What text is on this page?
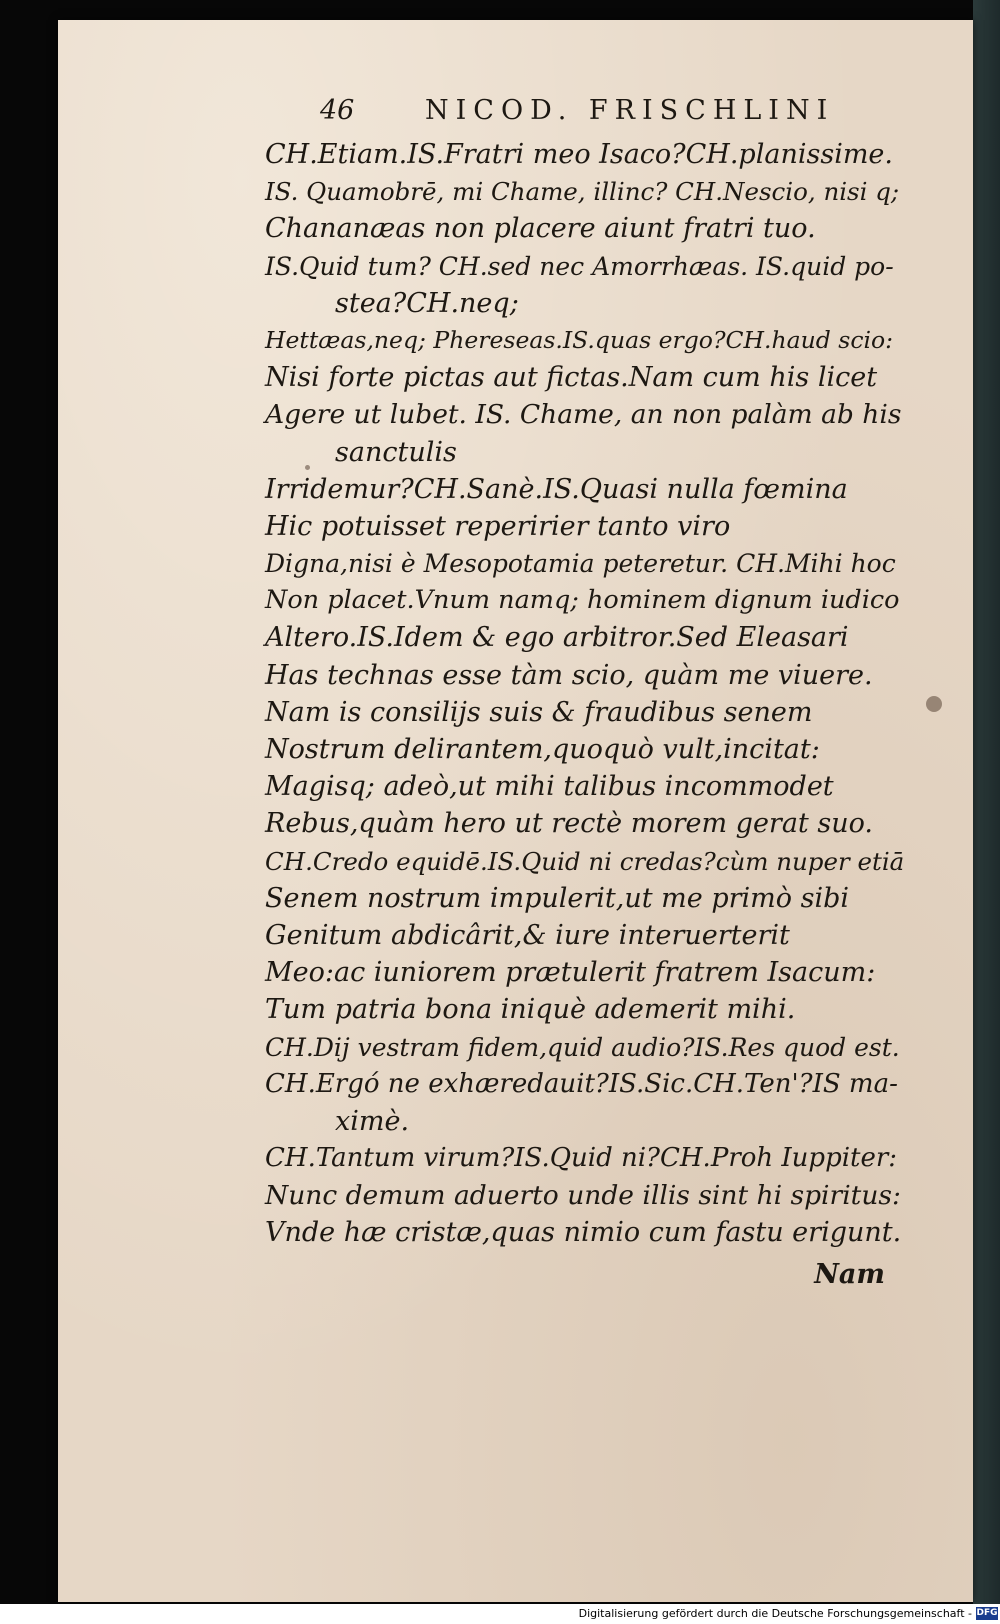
46	NICOD. FRISCHLINI
CH.Etiam.IS.Fratri meo Isaco?CH.planissime.
IS. Quamobrē, mi Chame, illinc? CH.Nescio, nisi q;
Chananæas non placere aiunt fratri tuo.
IS.Quid tum? CH.sed nec Amorrhæas. IS.quid po-
stea?CH.neq;
Hettæas,neq; Phereseas.IS.quas ergo?CH.haud scio:
Nisi forte pictas aut fictas.Nam cum his licet
Agere ut lubet. IS. Chame, an non palàm ab his
sanctulis
Irridemur?CH.Sanè.IS.Quasi nulla fœmina
Hic potuisset reperirier tanto viro
Digna,nisi è Mesopotamia peteretur. CH.Mihi hoc
Non placet.Vnum namq; hominem dignum iudico
Altero.IS.Idem & ego arbitror.Sed Eleasari
Has technas esse tàm scio, quàm me viuere.
Nam is consilijs suis & fraudibus senem
Nostrum delirantem,quoquò vult,incitat:
Magisq; adeò,ut mihi talibus incommodet
Rebus,quàm hero ut rectè morem gerat suo.
CH.Credo equidē.IS.Quid ni credas?cùm nuper etiā
Senem nostrum impulerit,ut me primò sibi
Genitum abdicârit,& iure interuerterit
Meo:ac iuniorem prætulerit fratrem Isacum:
Tum patria bona iniquè ademerit mihi.
CH.Dij vestram fidem,quid audio?IS.Res quod est.
CH.Ergó ne exhæredauit?IS.Sic.CH.Ten'?IS ma-
ximè.
CH.Tantum virum?IS.Quid ni?CH.Proh Iuppiter:
Nunc demum aduerto unde illis sint hi spiritus:
Vnde hæ cristæ,quas nimio cum fastu erigunt.
Nam
Digitalisierung gefördert durch die Deutsche Forschungsgemeinschaft - DFG
